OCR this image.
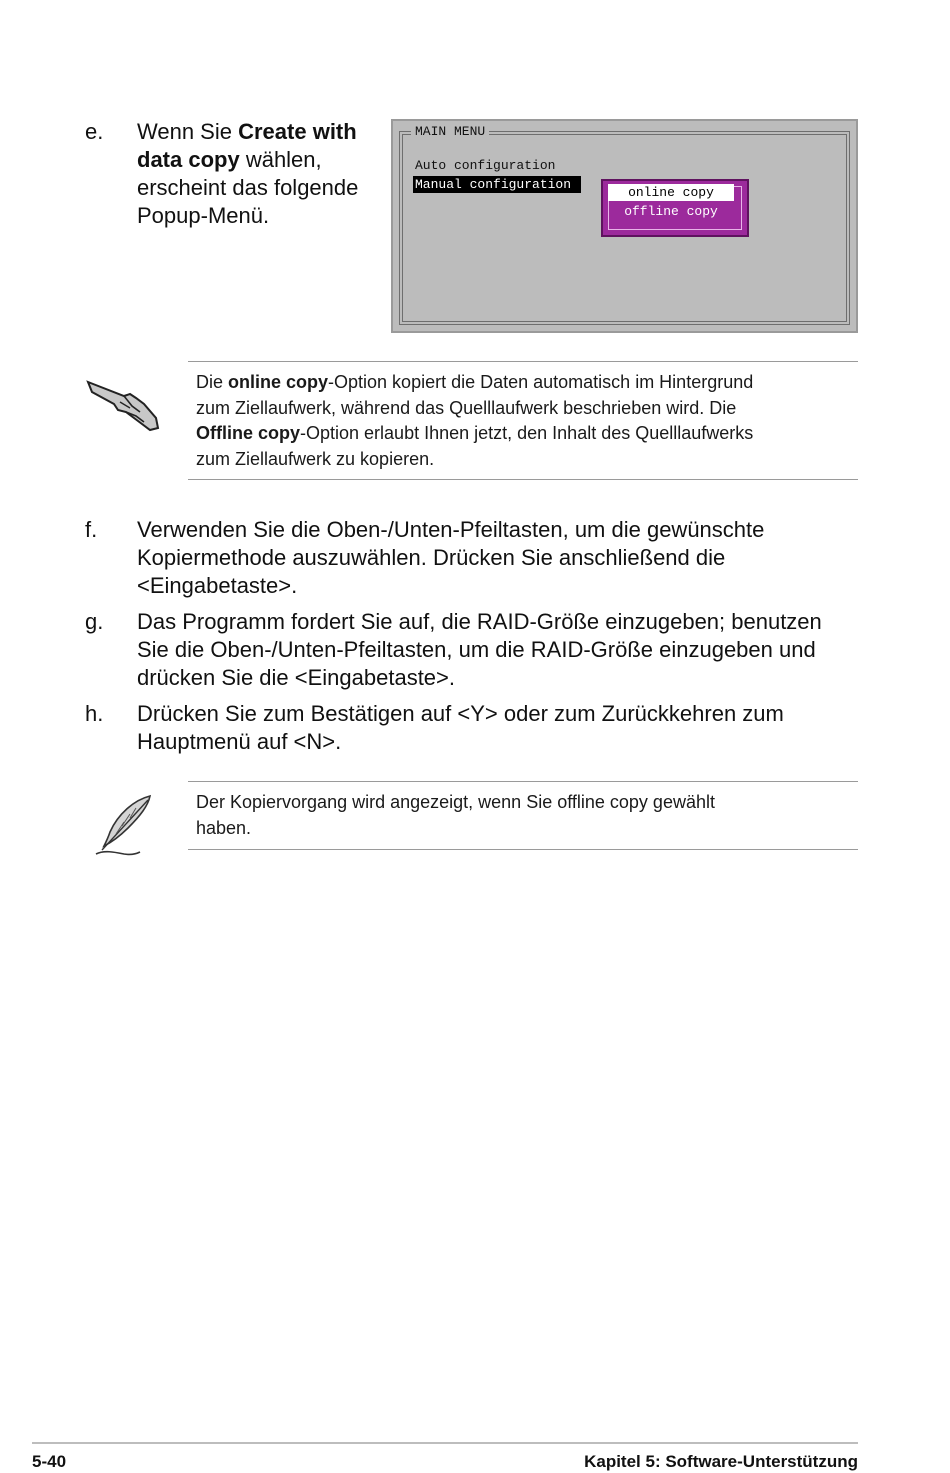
e. Wenn Sie Create with
data copy wählen,
erscheint das folgende
Popup-Menü.
MAIN MENU
Auto configuration
Manual configuration
online copy
offline copy
Die online copy-Option kopiert die Daten automatisch im Hintergrund
zum Ziellaufwerk, während das Quelllaufwerk beschrieben wird. Die
Offline copy-Option erlaubt Ihnen jetzt, den Inhalt des Quelllaufwerks
zum Ziellaufwerk zu kopieren.
f. Verwenden Sie die Oben-/Unten-Pfeiltasten, um die gewünschte
Kopiermethode auszuwählen. Drücken Sie anschließend die
<Eingabetaste>.
g. Das Programm fordert Sie auf, die RAID-Größe einzugeben; benutzen
Sie die Oben-/Unten-Pfeiltasten, um die RAID-Größe einzugeben und
drücken Sie die <Eingabetaste>.
h. Drücken Sie zum Bestätigen auf <Y> oder zum Zurückkehren zum
Hauptmenü auf <N>.
Der Kopiervorgang wird angezeigt, wenn Sie offline copy gewählt
haben.
5-40	Kapitel 5: Software-Unterstützung
